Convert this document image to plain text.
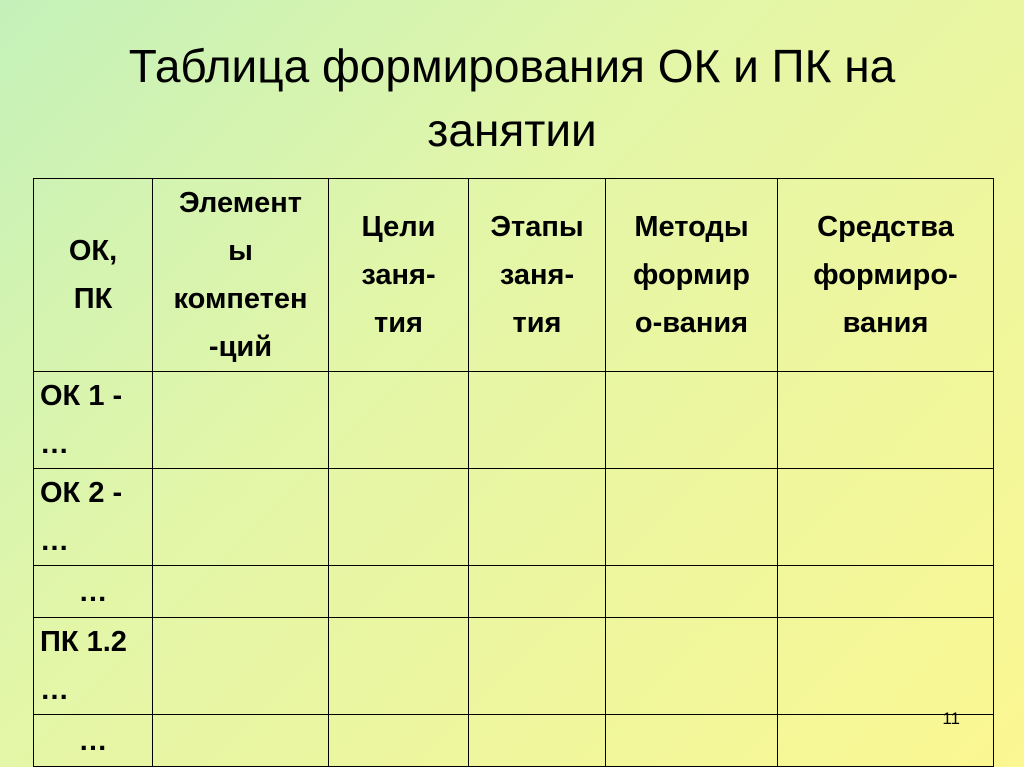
Таблица формирования ОК и ПК на
занятии
ОК,
ПК	Элемент
ы
компетен
-ций	Цели
заня-
тия	Этапы
заня-
тия	Методы
формир
о-вания	Средства
формиро-
вания

ОК 1 -
…					

ОК 2 -
…					

…					

ПК 1.2
…					

…					

11
